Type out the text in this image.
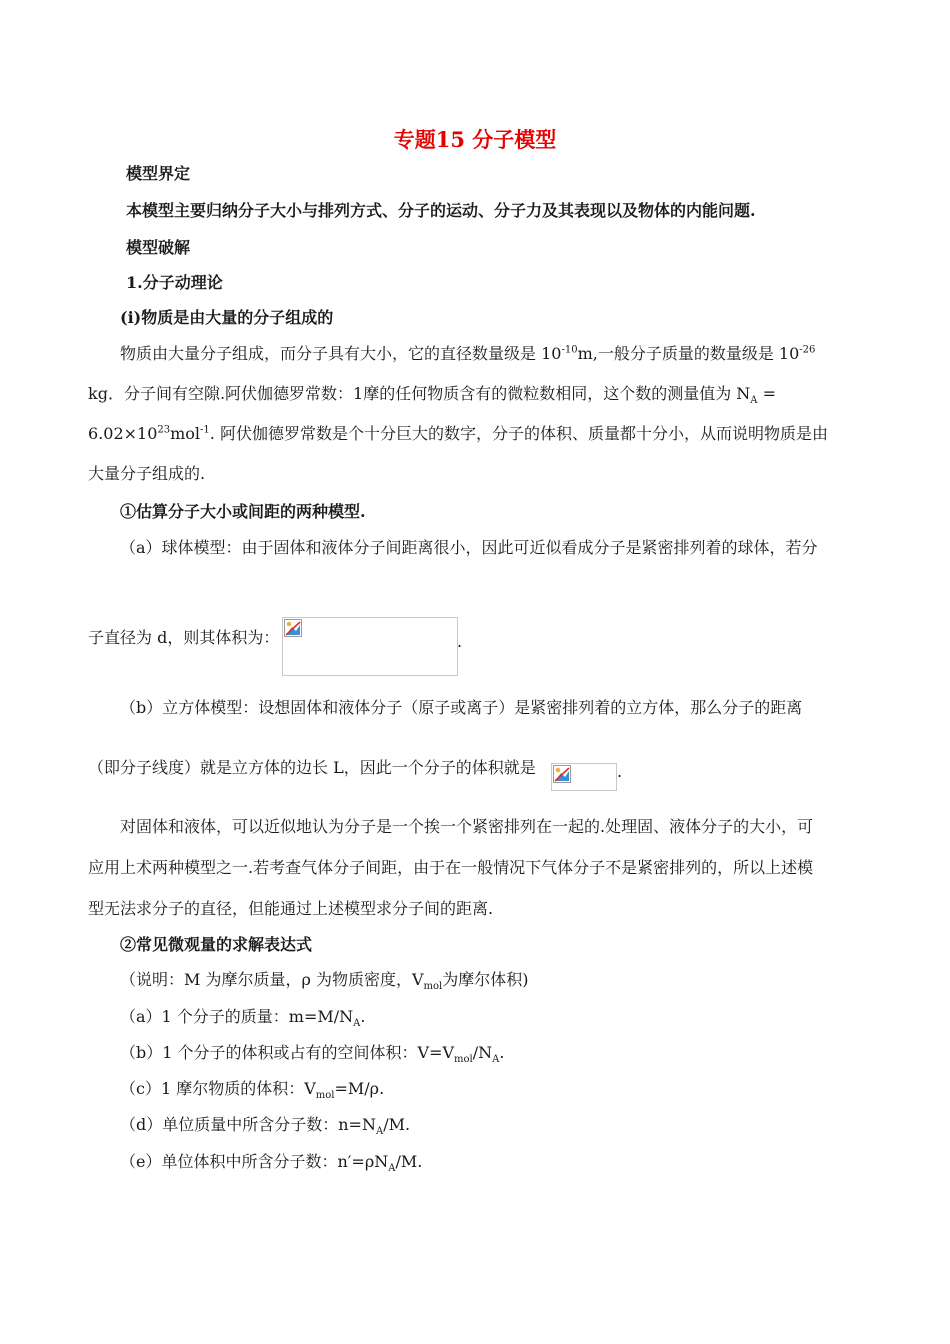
专题15 分子模型
模型界定
本模型主要归纳分子大小与排列方式、分子的运动、分子力及其表现以及物体的内能问题.
模型破解
1.分子动理论
(i)物质是由大量的分子组成的
物质由大量分子组成，而分子具有大小，它的直径数量级是 $10^{-10}m$,一般分子质量的数量级是 $10^{-26}$
kg．分子间有空隙.阿伏伽德罗常数：1摩的任何物质含有的微粒数相同，这个数的测量值为 $N_A$ =
$6.02\times 10^{23}mol^{-1}$. 阿伏伽德罗常数是个十分巨大的数字，分子的体积、质量都十分小，从而说明物质是由
大量分子组成的.
①估算分子大小或间距的两种模型.
（a）球体模型：由于固体和液体分子间距离很小，因此可近似看成分子是紧密排列着的球体，若分
子直径为 d，则其体积为：	.
（b）立方体模型：设想固体和液体分子（原子或离子）是紧密排列着的立方体，那么分子的距离
（即分子线度）就是立方体的边长 L，因此一个分子的体积就是	.
对固体和液体，可以近似地认为分子是一个挨一个紧密排列在一起的.处理固、液体分子的大小，可
应用上术两种模型之一.若考查气体分子间距，由于在一般情况下气体分子不是紧密排列的，所以上述模
型无法求分子的直径，但能通过上述模型求分子间的距离.
②常见微观量的求解表达式
（说明：M 为摩尔质量，ρ 为物质密度，$V_{mol}$为摩尔体积)
（a）1 个分子的质量：$m=M/N_A$.
（b）1 个分子的体积或占有的空间体积：$V=V_{mol}/N_A$.
（c）1 摩尔物质的体积：$V_{mol}=M/\rho$.
（d）单位质量中所含分子数：$n=N_A/M$.
（e）单位体积中所含分子数：$n'=\rho N_A/M$.
